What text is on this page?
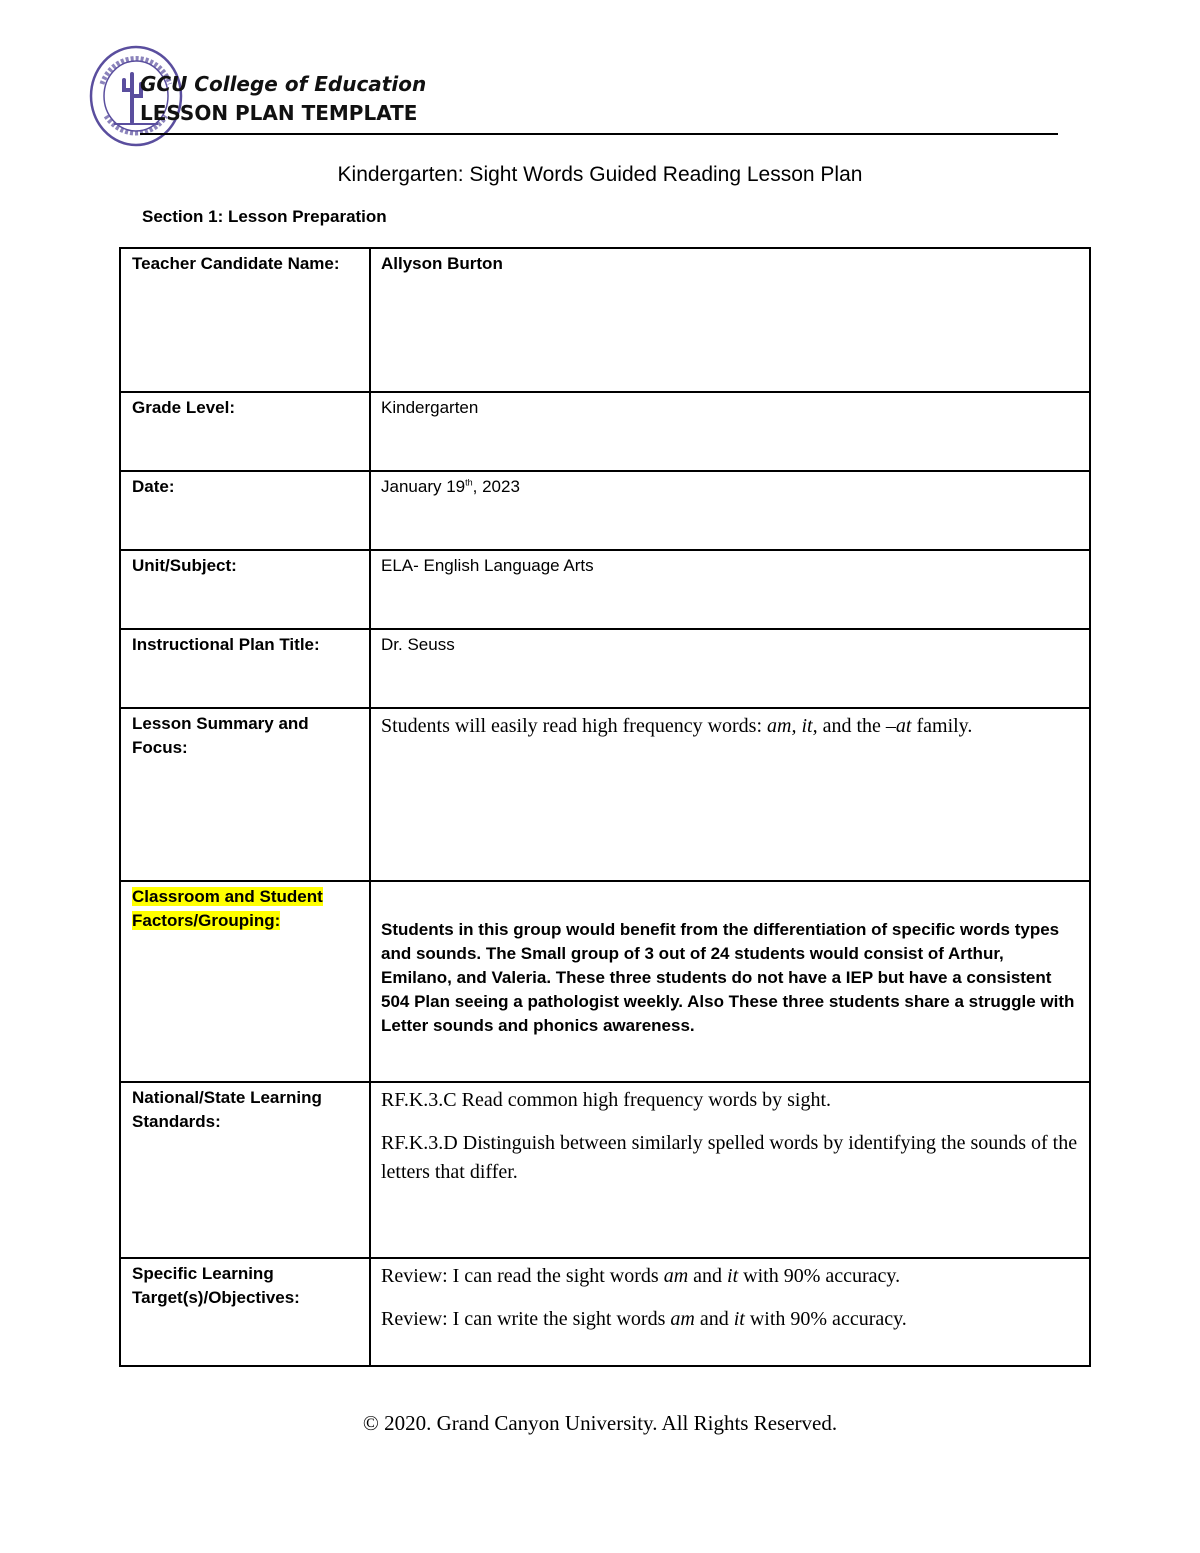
GCU College of Education
LESSON PLAN TEMPLATE
Kindergarten: Sight Words Guided Reading Lesson Plan
Section 1: Lesson Preparation
Teacher Candidate Name:	Allyson Burton

Grade Level:	Kindergarten

Date:	January 19th, 2023

Unit/Subject:	ELA- English Language Arts

Instructional Plan Title:	Dr. Seuss

Lesson Summary and Focus:	Students will easily read high frequency words: am, it, and the –at family.

Classroom and Student Factors/Grouping:	Students in this group would benefit from the differentiation of specific words types and sounds. The Small group of 3 out of 24 students would consist of Arthur, Emilano, and Valeria. These three students do not have a IEP but have a consistent 504 Plan seeing a pathologist weekly. Also These three students share a struggle with Letter sounds and phonics awareness.

National/State Learning Standards:	RF.K.3.C Read common high frequency words by sight.
RF.K.3.D Distinguish between similarly spelled words by identifying the sounds of the letters that differ.

Specific Learning Target(s)/Objectives:	Review: I can read the sight words am and it with 90% accuracy.
Review: I can write the sight words am and it with 90% accuracy.
© 2020. Grand Canyon University. All Rights Reserved.
